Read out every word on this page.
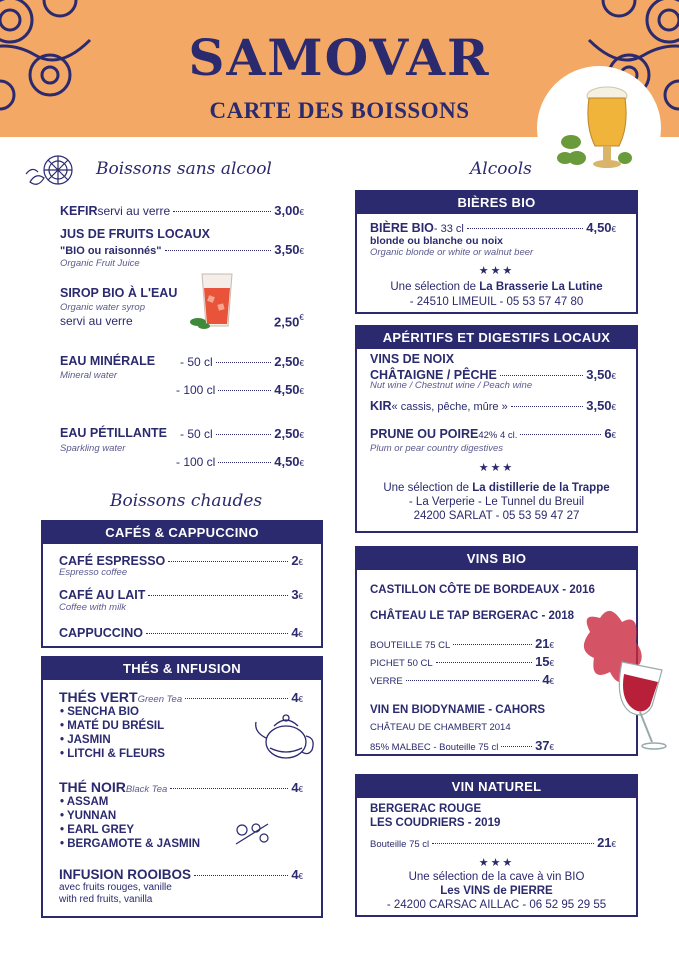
SAMOVAR
CARTE DES BOISSONS
Boissons sans alcool
KEFIR servi au verre	3,00 €
JUS DE FRUITS LOCAUX
"BIO ou raisonnés"	3,50 €
Organic Fruit Juice
SIROP BIO À L'EAU
Organic water syrop
servi au verre	2,50€
EAU MINÉRALE
Mineral water
- 50 cl	2,50 €
- 100 cl	4,50 €
EAU PÉTILLANTE
Sparkling water
- 50 cl	2,50 €
- 100 cl	4,50 €
Boissons chaudes
CAFÉS & CAPPUCCINO
CAFÉ ESPRESSO	2 €
Espresso coffee
CAFÉ AU LAIT	3 €
Coffee with milk
CAPPUCCINO	4 €
THÉS & INFUSION
THÉS VERT Green Tea	4 €
• SENCHA BIO
• MATÉ DU BRÉSIL
• JASMIN
• LITCHI & FLEURS
THÉ NOIR Black Tea	4 €
• ASSAM
• YUNNAN
• EARL GREY
• BERGAMOTE & JASMIN
INFUSION ROOIBOS	4 €
avec fruits rouges, vanille
with red fruits, vanilla
Alcools
BIÈRES BIO
BIÈRE BIO - 33 cl	4,50 €
blonde ou blanche ou noix
Organic blonde or white or walnut beer
★★★
Une sélection de La Brasserie La Lutine
- 24510 LIMEUIL - 05 53 57 47 80
APÉRITIFS ET DIGESTIFS LOCAUX
VINS DE NOIX
CHÂTAIGNE / PÊCHE	3,50 €
Nut wine / Chestnut wine / Peach wine
KIR « cassis, pêche, mûre »	3,50 €
PRUNE OU POIRE 42% 4 cl.	6 €
Plum or pear country digestives
★★★
Une sélection de La distillerie de la Trappe
- La Verperie - Le Tunnel du Breuil
24200 SARLAT - 05 53 59 47 27
VINS BIO
CASTILLON CÔTE DE BORDEAUX - 2016
CHÂTEAU LE TAP BERGERAC - 2018
BOUTEILLE 75 CL	$21_€$
PICHET 50 CL	$15_€$
VERRE	$4_€$
VIN EN BIODYNAMIE - CAHORS
CHÂTEAU DE CHAMBERT 2014
85% MALBEC - Bouteille 75 cl	$37_€$
VIN NATUREL
BERGERAC ROUGE
LES COUDRIERS - 2019
Bouteille 75 cl	$21_€$
★★★
Une sélection de la cave à vin BIO
Les VINS de PIERRE
- 24200 CARSAC AILLAC - 06 52 95 29 55
